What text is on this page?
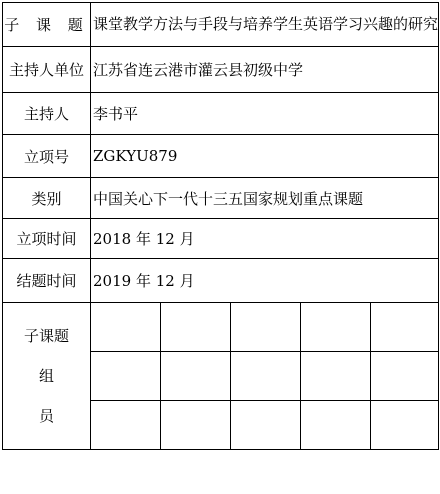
子 课 题	课堂教学方法与手段与培养学生英语学习兴趣的研究				
主持人单位	江苏省连云港市灌云县初级中学				
主持人	李书平				
立项号	ZGKYU879				
类别	中国关心下一代十三五国家规划重点课题				
立项时间	2018 年 12 月				
结题时间	2019 年 12 月				

子课题
组 员					
